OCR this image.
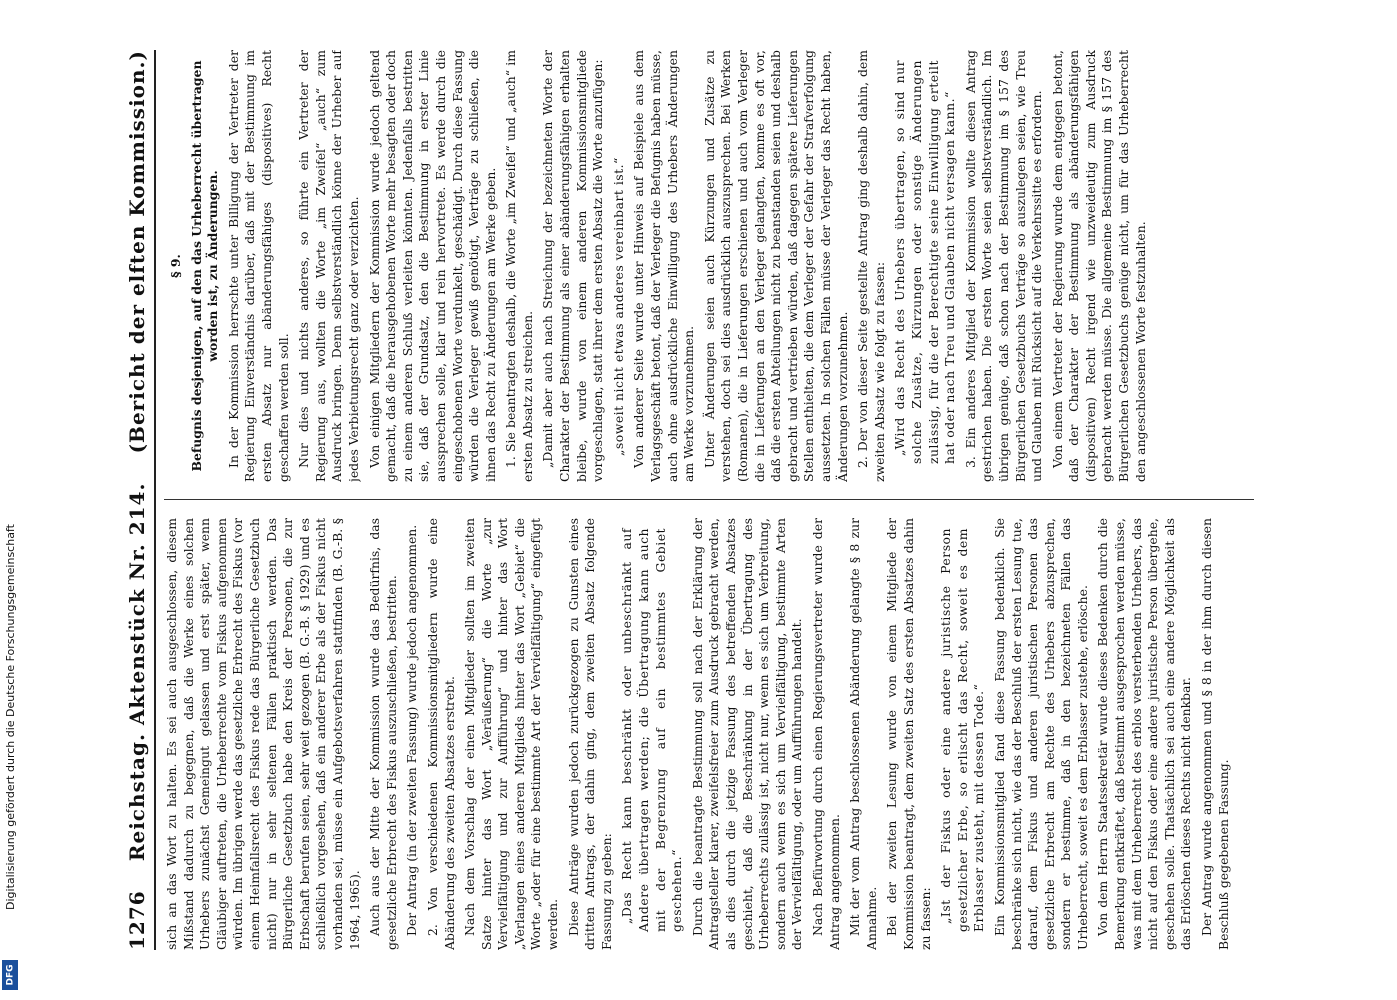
1276
Reichstag. Aktenstück Nr. 214.
(Bericht der elften Kommission.)

sich an das Wort zu halten. Es sei auch ausgeschlossen, diesem Mißstand dadurch zu begegnen, daß die Werke eines solchen Urhebers zunächst Gemeingut gelassen und erst später, wenn Gläubiger auftreten, die Urheberrechte vom Fiskus aufgenommen würden. Im übrigen werde das gesetzliche Erbrecht des Fiskus (vor einem Heimfallsrecht des Fiskus rede das Bürgerliche Gesetzbuch nicht) nur in sehr seltenen Fällen praktisch werden. Das Bürgerliche Gesetzbuch habe den Kreis der Personen, die zur Erbschaft berufen seien, sehr weit gezogen (B. G.-B. § 1929) und es schließlich vorgesehen, daß ein anderer Erbe als der Fiskus nicht vorhanden sei, müsse ein Aufgebotsverfahren stattfinden (B. G.-B. § 1964, 1965). Auch aus der Mitte der Kommission wurde das Bedürfnis, das gesetzliche Erbrecht des Fiskus auszuschließen, bestritten. Der Antrag (in der zweiten Fassung) wurde jedoch angenommen. 2. Von verschiedenen Kommissionsmitgliedern wurde eine Abänderung des zweiten Absatzes erstrebt. Nach dem Vorschlag der einen Mitglieder sollten im zweiten Satze hinter das Wort „Veräußerung“ die Worte „zur Vervielfältigung und zur Aufführung“ und hinter das Wort „Verlangen eines anderen Mitglieds hinter das Wort „Gebiet“ die Worte „oder für eine bestimmte Art der Vervielfältigung“ eingefügt werden. Diese Anträge wurden jedoch zurückgezogen zu Gunsten eines dritten Antrags, der dahin ging, dem zweiten Absatz folgende Fassung zu geben: „Das Recht kann beschränkt oder unbeschränkt auf Andere übertragen werden; die Übertragung kann auch mit der Begrenzung auf ein bestimmtes Gebiet geschehen.“ Durch die beantragte Bestimmung soll nach der Erklärung der Antragsteller klarer, zweifelsfreier zum Ausdruck gebracht werden, als dies durch die jetzige Fassung des betreffenden Absatzes geschieht, daß die Beschränkung in der Übertragung des Urheberrechts zulässig ist, nicht nur, wenn es sich um Verbreitung, sondern auch wenn es sich um Vervielfältigung, bestimmte Arten der Vervielfältigung, oder um Aufführungen handelt. Nach Befürwortung durch einen Regierungsvertreter wurde der Antrag angenommen. Mit der vom Antrag beschlossenen Abänderung gelangte § 8 zur Annahme. Bei der zweiten Lesung wurde von einem Mitgliede der Kommission beantragt, dem zweiten Satz des ersten Absatzes dahin zu fassen: „Ist der Fiskus oder eine andere juristische Person gesetzlicher Erbe, so erlischt das Recht, soweit es dem Erblasser zusteht, mit dessen Tode.“ Ein Kommissionsmitglied fand diese Fassung bedenklich. Sie beschränke sich nicht, wie das der Beschluß der ersten Lesung tue, darauf, dem Fiskus und anderen juristischen Personen das gesetzliche Erbrecht am Rechte des Urhebers abzusprechen, sondern er bestimme, daß in den bezeichneten Fällen das Urheberrecht, soweit es dem Erblasser zustehe, erlösche. Von dem Herrn Staatssekretär wurde dieses Bedenken durch die Bemerkung entkräftet, daß bestimmt ausgesprochen werden müsse, was mit dem Urheberrecht des erblos versterbenden Urhebers, das nicht auf den Fiskus oder eine andere juristische Person übergehe, geschehen solle. Thatsächlich sei auch eine andere Möglichkeit als das Erlöschen dieses Rechts nicht denkbar. Der Antrag wurde angenommen und § 8 in der ihm durch diesen Beschluß gegebenen Fassung.

§ 9. Befugnis desjenigen, auf den das Urheberrecht übertragen worden ist, zu Änderungen. In der Kommission herrschte unter Billigung der Vertreter der Regierung Einverständnis darüber, daß mit der Bestimmung im ersten Absatz nur abänderungsfähiges (dispositives) Recht geschaffen werden soll. Nur dies und nichts anderes, so führte ein Vertreter der Regierung aus, wollten die Worte „im Zweifel“ „auch“ zum Ausdruck bringen. Denn selbstverständlich könne der Urheber auf jedes Verbietungsrecht ganz oder verzichten. Von einigen Mitgliedern der Kommission wurde jedoch geltend gemacht, daß die herausgehobenen Worte mehr besagten oder doch zu einem anderen Schluß verleiten könnten. Jedenfalls bestritten sie, daß der Grundsatz, den die Bestimmung in erster Linie aussprechen solle, klar und rein hervortrete. Es werde durch die eingeschobenen Worte verdunkelt, geschädigt. Durch diese Fassung würden die Verleger gewiß genötigt, Verträge zu schließen, die ihnen das Recht zu Änderungen am Werke geben. 1. Sie beantragten deshalb, die Worte „im Zweifel“ und „auch“ im ersten Absatz zu streichen. „Damit aber auch nach Streichung der bezeichneten Worte der Charakter der Bestimmung als einer abänderungsfähigen erhalten bleibe, wurde von einem anderen Kommissionsmitgliede vorgeschlagen, statt ihrer dem ersten Absatz die Worte anzufügen: „soweit nicht etwas anderes vereinbart ist.“ Von anderer Seite wurde unter Hinweis auf Beispiele aus dem Verlagsgeschäft betont, daß der Verleger die Befugnis haben müsse, auch ohne ausdrückliche Einwilligung des Urhebers Änderungen am Werke vorzunehmen. Unter Änderungen seien auch Kürzungen und Zusätze zu verstehen, doch sei dies ausdrücklich auszusprechen. Bei Werken (Romanen), die in Lieferungen erschienen und auch vom Verleger die in Lieferungen an den Verleger gelangten, komme es oft vor, daß die ersten Abteilungen nicht zu beanstanden seien und deshalb gebracht und vertrieben würden, daß dagegen spätere Lieferungen Stellen enthielten, die dem Verleger der Gefahr der Strafverfolgung aussetzten. In solchen Fällen müsse der Verleger das Recht haben, Änderungen vorzunehmen. 2. Der von dieser Seite gestellte Antrag ging deshalb dahin, dem zweiten Absatz wie folgt zu fassen: „Wird das Recht des Urhebers übertragen, so sind nur solche Zusätze, Kürzungen oder sonstige Änderungen zulässig, für die der Berechtigte seine Einwilligung erteilt hat oder nach Treu und Glauben nicht versagen kann.“ 3. Ein anderes Mitglied der Kommission wollte diesen Antrag gestrichen haben. Die ersten Worte seien selbstverständlich. Im übrigen genüge, daß schon nach der Bestimmung im § 157 des Bürgerlichen Gesetzbuchs Verträge so auszulegen seien, wie Treu und Glauben mit Rücksicht auf die Verkehrssitte es erfordern. Von einem Vertreter der Regierung wurde dem entgegen betont, daß der Charakter der Bestimmung als abänderungsfähigen (dispositiven) Recht irgend wie unzweideutig zum Ausdruck gebracht werden müsse. Die allgemeine Bestimmung im § 157 des Bürgerlichen Gesetzbuchs genüge nicht, um für das Urheberrecht den angeschlossenen Worte festzuhalten.

Digitalisierung gefördert durch die Deutsche Forschungsgemeinschaft
DFG
